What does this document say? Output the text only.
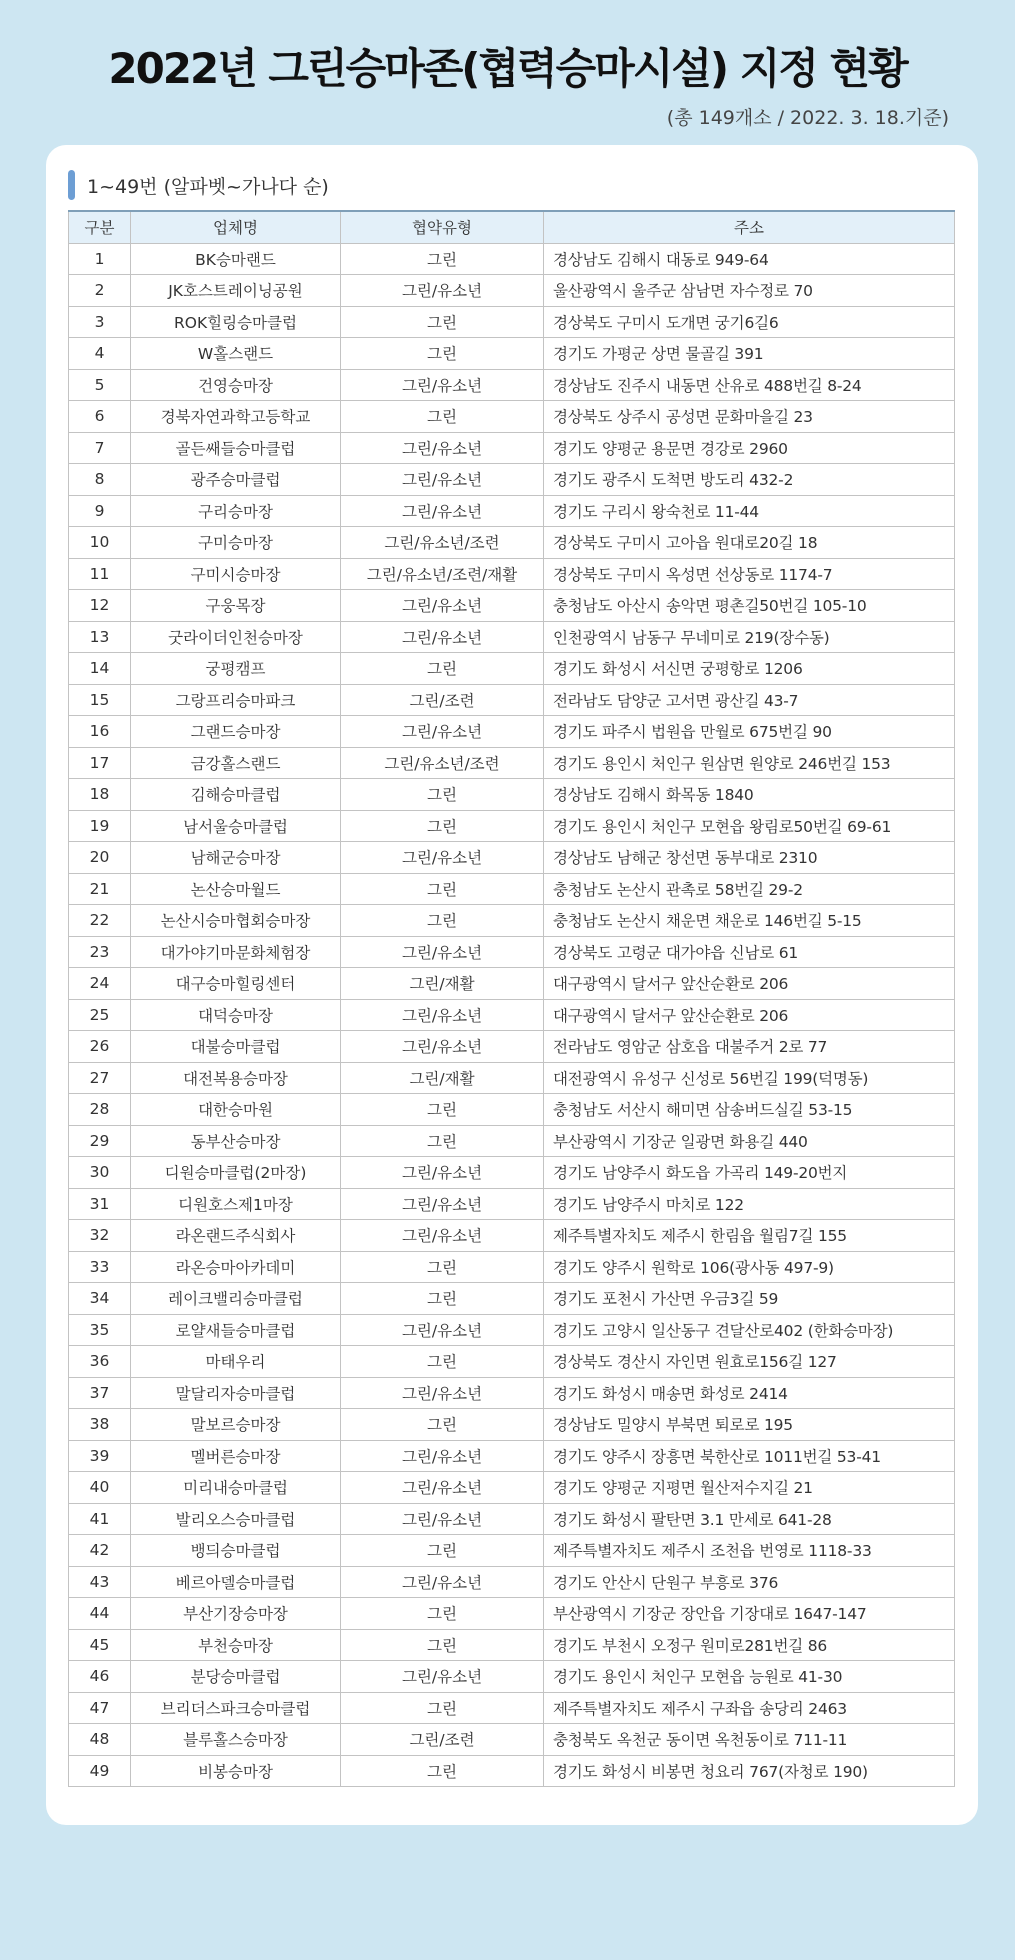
2022년 그린승마존(협력승마시설) 지정 현황
(총 149개소 / 2022. 3. 18.기준)
1~49번 (알파벳~가나다 순)
구분	업체명	협약유형	주소
1	BK승마랜드	그린	경상남도 김해시 대동로 949-64
2	JK호스트레이닝공원	그린/유소년	울산광역시 울주군 삼남면 자수정로 70
3	ROK힐링승마클럽	그린	경상북도 구미시 도개면 궁기6길6
4	W홀스랜드	그린	경기도 가평군 상면 물골길 391
5	건영승마장	그린/유소년	경상남도 진주시 내동면 산유로 488번길 8-24
6	경북자연과학고등학교	그린	경상북도 상주시 공성면 문화마을길 23
7	골든쌔들승마클럽	그린/유소년	경기도 양평군 용문면 경강로 2960
8	광주승마클럽	그린/유소년	경기도 광주시 도척면 방도리 432-2
9	구리승마장	그린/유소년	경기도 구리시 왕숙천로 11-44
10	구미승마장	그린/유소년/조련	경상북도 구미시 고아읍 원대로20길 18
11	구미시승마장	그린/유소년/조련/재활	경상북도 구미시 옥성면 선상동로 1174-7
12	구웅목장	그린/유소년	충청남도 아산시 송악면 평촌길50번길 105-10
13	굿라이더인천승마장	그린/유소년	인천광역시 남동구 무네미로 219(장수동)
14	궁평캠프	그린	경기도 화성시 서신면 궁평항로 1206
15	그랑프리승마파크	그린/조련	전라남도 담양군 고서면 광산길 43-7
16	그랜드승마장	그린/유소년	경기도 파주시 법원읍 만월로 675번길 90
17	금강홀스랜드	그린/유소년/조련	경기도 용인시 처인구 원삼면 원양로 246번길 153
18	김해승마클럽	그린	경상남도 김해시 화목동 1840
19	남서울승마클럽	그린	경기도 용인시 처인구 모현읍 왕림로50번길 69-61
20	남해군승마장	그린/유소년	경상남도 남해군 창선면 동부대로 2310
21	논산승마월드	그린	충청남도 논산시 관촉로 58번길 29-2
22	논산시승마협회승마장	그린	충청남도 논산시 채운면 채운로 146번길 5-15
23	대가야기마문화체험장	그린/유소년	경상북도 고령군 대가야읍 신남로 61
24	대구승마힐링센터	그린/재활	대구광역시 달서구 앞산순환로 206
25	대덕승마장	그린/유소년	대구광역시 달서구 앞산순환로 206
26	대불승마클럽	그린/유소년	전라남도 영암군 삼호읍 대불주거 2로 77
27	대전복용승마장	그린/재활	대전광역시 유성구 신성로 56번길 199(덕명동)
28	대한승마원	그린	충청남도 서산시 해미면 삼송버드실길 53-15
29	동부산승마장	그린	부산광역시 기장군 일광면 화용길 440
30	디원승마클럽(2마장)	그린/유소년	경기도 남양주시 화도읍 가곡리 149-20번지
31	디원호스제1마장	그린/유소년	경기도 남양주시 마치로 122
32	라온랜드주식회사	그린/유소년	제주특별자치도 제주시 한림읍 월림7길 155
33	라온승마아카데미	그린	경기도 양주시 원학로 106(광사동 497-9)
34	레이크밸리승마클럽	그린	경기도 포천시 가산면 우금3길 59
35	로얄새들승마클럽	그린/유소년	경기도 고양시 일산동구 견달산로402 (한화승마장)
36	마태우리	그린	경상북도 경산시 자인면 원효로156길 127
37	말달리자승마클럽	그린/유소년	경기도 화성시 매송면 화성로 2414
38	말보르승마장	그린	경상남도 밀양시 부북면 퇴로로 195
39	멜버른승마장	그린/유소년	경기도 양주시 장흥면 북한산로 1011번길 53-41
40	미리내승마클럽	그린/유소년	경기도 양평군 지평면 월산저수지길 21
41	발리오스승마클럽	그린/유소년	경기도 화성시 팔탄면 3.1 만세로 641-28
42	뱅듸승마클럽	그린	제주특별자치도 제주시 조천읍 번영로 1118-33
43	베르아델승마클럽	그린/유소년	경기도 안산시 단원구 부흥로 376
44	부산기장승마장	그린	부산광역시 기장군 장안읍 기장대로 1647-147
45	부천승마장	그린	경기도 부천시 오정구 원미로281번길 86
46	분당승마클럽	그린/유소년	경기도 용인시 처인구 모현읍 능원로 41-30
47	브리더스파크승마클럽	그린	제주특별자치도 제주시 구좌읍 송당리 2463
48	블루홀스승마장	그린/조련	충청북도 옥천군 동이면 옥천동이로 711-11
49	비봉승마장	그린	경기도 화성시 비봉면 청요리 767(자청로 190)
